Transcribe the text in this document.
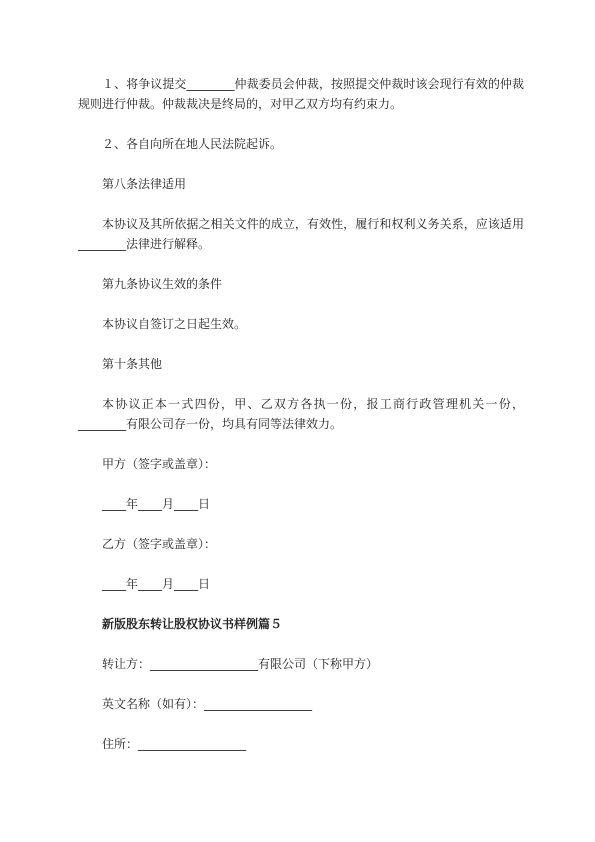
１、将争议提交________仲裁委员会仲裁，按照提交仲裁时该会现行有效的仲裁
规则进行仲裁。仲裁裁决是终局的，对甲乙双方均有约束力。
２、各自向所在地人民法院起诉。
第八条法律适用
本协议及其所依据之相关文件的成立，有效性，履行和权利义务关系，应该适用
________法律进行解释。
第九条协议生效的条件
本协议自签订之日起生效。
第十条其他
本协议正本一式四份，甲、乙双方各执一份，报工商行政管理机关一份，
________有限公司存一份，均具有同等法律效力。
甲方（签字或盖章）：
____年____月____日
乙方（签字或盖章）：
____年____月____日
新版股东转让股权协议书样例篇５
转让方：__________________有限公司（下称甲方）
英文名称（如有）：__________________
住所：__________________
